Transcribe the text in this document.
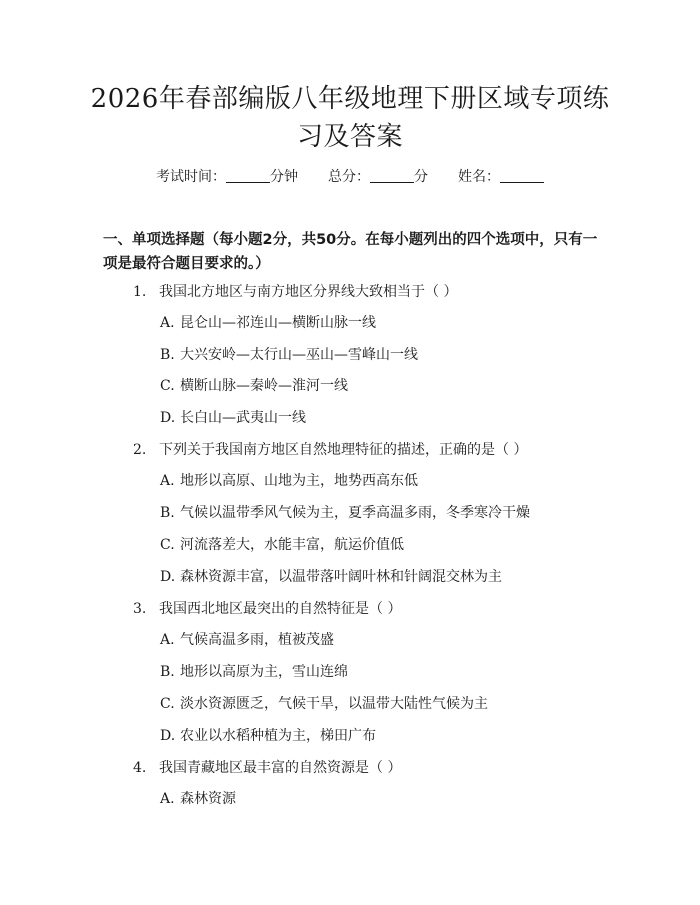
2026年春部编版八年级地理下册区域专项练
习及答案
考试时间：	分钟 总分：	分 姓名：
一、单项选择题（每小题2分，共50分。在每小题列出的四个选项中，只有一项是最符合题目要求的。）
1. 我国北方地区与南方地区分界线大致相当于（ ）
A. 昆仑山—祁连山—横断山脉一线
B. 大兴安岭—太行山—巫山—雪峰山一线
C. 横断山脉—秦岭—淮河一线
D. 长白山—武夷山一线
2. 下列关于我国南方地区自然地理特征的描述，正确的是（ ）
A. 地形以高原、山地为主，地势西高东低
B. 气候以温带季风气候为主，夏季高温多雨，冬季寒冷干燥
C. 河流落差大，水能丰富，航运价值低
D. 森林资源丰富，以温带落叶阔叶林和针阔混交林为主
3. 我国西北地区最突出的自然特征是（ ）
A. 气候高温多雨，植被茂盛
B. 地形以高原为主，雪山连绵
C. 淡水资源匮乏，气候干旱，以温带大陆性气候为主
D. 农业以水稻种植为主，梯田广布
4. 我国青藏地区最丰富的自然资源是（ ）
A. 森林资源
